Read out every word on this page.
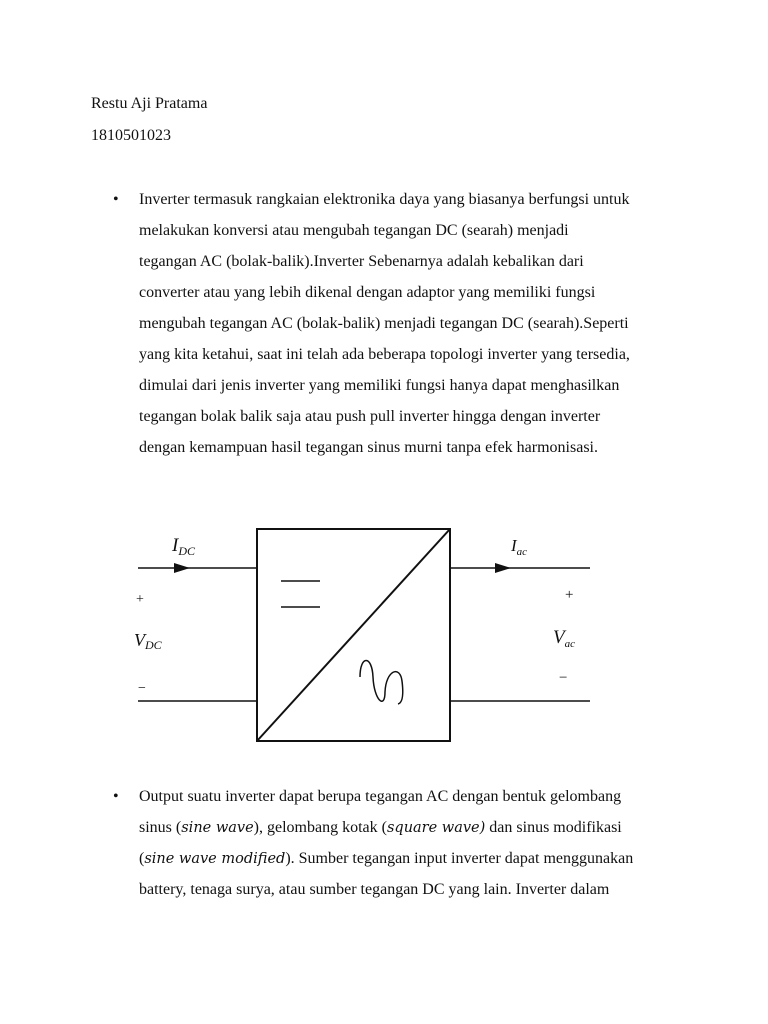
Restu Aji Pratama

1810501023

• Inverter termasuk rangkaian elektronika daya yang biasanya berfungsi untuk
melakukan konversi atau mengubah tegangan DC (searah) menjadi
tegangan AC (bolak-balik).Inverter Sebenarnya adalah kebalikan dari
converter atau yang lebih dikenal dengan adaptor yang memiliki fungsi
mengubah tegangan AC (bolak-balik) menjadi tegangan DC (searah).Seperti
yang kita ketahui, saat ini telah ada beberapa topologi inverter yang tersedia,
dimulai dari jenis inverter yang memiliki fungsi hanya dapat menghasilkan
tegangan bolak balik saja atau push pull inverter hingga dengan inverter
dengan kemampuan hasil tegangan sinus murni tanpa efek harmonisasi.

$I_{DC}$	$I_{ac}$
+
VDC
−
+
$V_{ac}$
−
• Output suatu inverter dapat berupa tegangan AC dengan bentuk gelombang
sinus (sine wave), gelombang kotak (square wave) dan sinus modifikasi
(sine wave modified). Sumber tegangan input inverter dapat menggunakan
battery, tenaga surya, atau sumber tegangan DC yang lain. Inverter dalam
